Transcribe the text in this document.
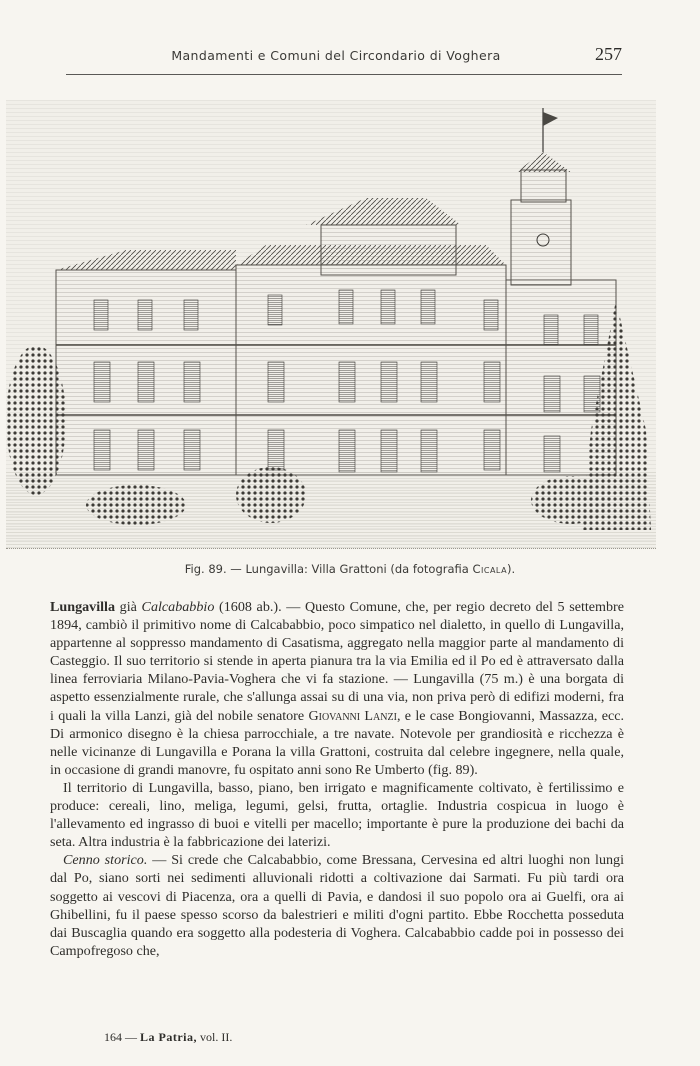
Mandamenti e Comuni del Circondario di Voghera	257
Fig. 89. — Lungavilla: Villa Grattoni (da fotografia Cicala).

Lungavilla già Calcababbio (1608 ab.). — Questo Comune, che, per regio decreto del 5 settembre 1894, cambiò il primitivo nome di Calcababbio, poco simpatico nel dialetto, in quello di Lungavilla, appartenne al soppresso mandamento di Casatisma, aggregato nella maggior parte al mandamento di Casteggio. Il suo territorio si stende in aperta pianura tra la via Emilia ed il Po ed è attraversato dalla linea ferroviaria Milano-Pavia-Voghera che vi fa stazione. — Lungavilla (75 m.) è una borgata di aspetto essenzialmente rurale, che s'allunga assai su di una via, non priva però di edifizi moderni, fra i quali la villa Lanzi, già del nobile senatore Giovanni Lanzi, e le case Bongiovanni, Massazza, ecc. Di armonico disegno è la chiesa parrocchiale, a tre navate. Notevole per grandiosità e ricchezza è nelle vicinanze di Lungavilla e Porana la villa Grattoni, costruita dal celebre ingegnere, nella quale, in occasione di grandi manovre, fu ospitato anni sono Re Umberto (fig. 89).

Il territorio di Lungavilla, basso, piano, ben irrigato e magnificamente coltivato, è fertilissimo e produce: cereali, lino, meliga, legumi, gelsi, frutta, ortaglie. Industria cospicua in luogo è l'allevamento ed ingrasso di buoi e vitelli per macello; importante è pure la produzione dei bachi da seta. Altra industria è la fabbricazione dei laterizi.

Cenno storico. — Si crede che Calcababbio, come Bressana, Cervesina ed altri luoghi non lungi dal Po, siano sorti nei sedimenti alluvionali ridotti a coltivazione dai Sarmati. Fu più tardi ora soggetto ai vescovi di Piacenza, ora a quelli di Pavia, e dandosi il suo popolo ora ai Guelfi, ora ai Ghibellini, fu il paese spesso scorso da balestrieri e militi d'ogni partito. Ebbe Rocchetta posseduta dai Buscaglia quando era soggetto alla podesteria di Voghera. Calcababbio cadde poi in possesso dei Campofregoso che,

164 — La Patria, vol. II.
